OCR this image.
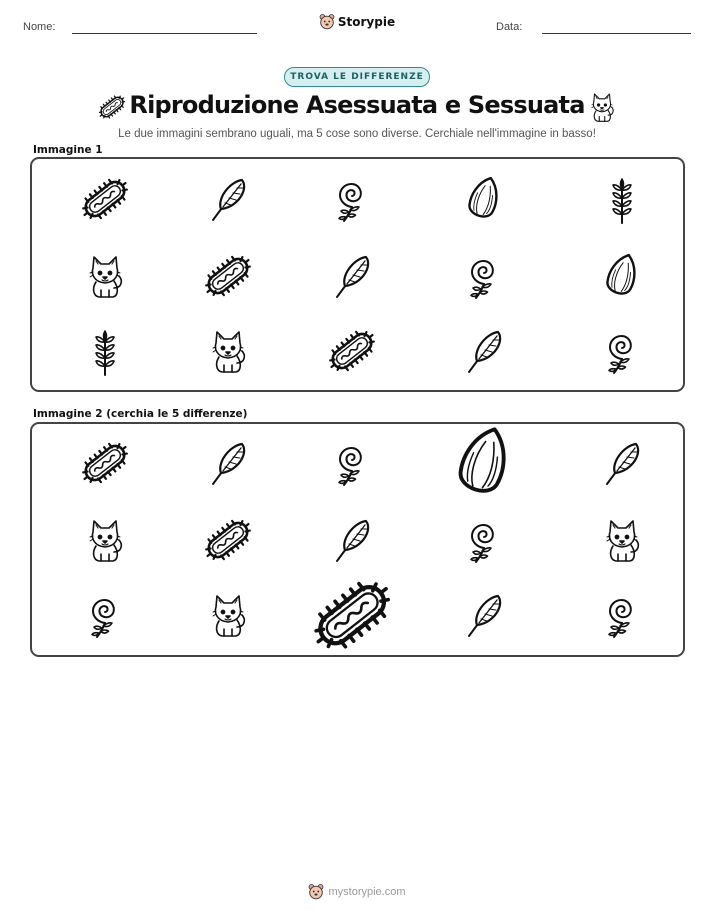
Nome:	Storypie	Data:
TROVA LE DIFFERENZE
Riproduzione Asessuata e Sessuata
Le due immagini sembrano uguali, ma 5 cose sono diverse. Cerchiale nell'immagine in basso!
Immagine 1
Immagine 2 (cerchia le 5 differenze)
mystorypie.com
